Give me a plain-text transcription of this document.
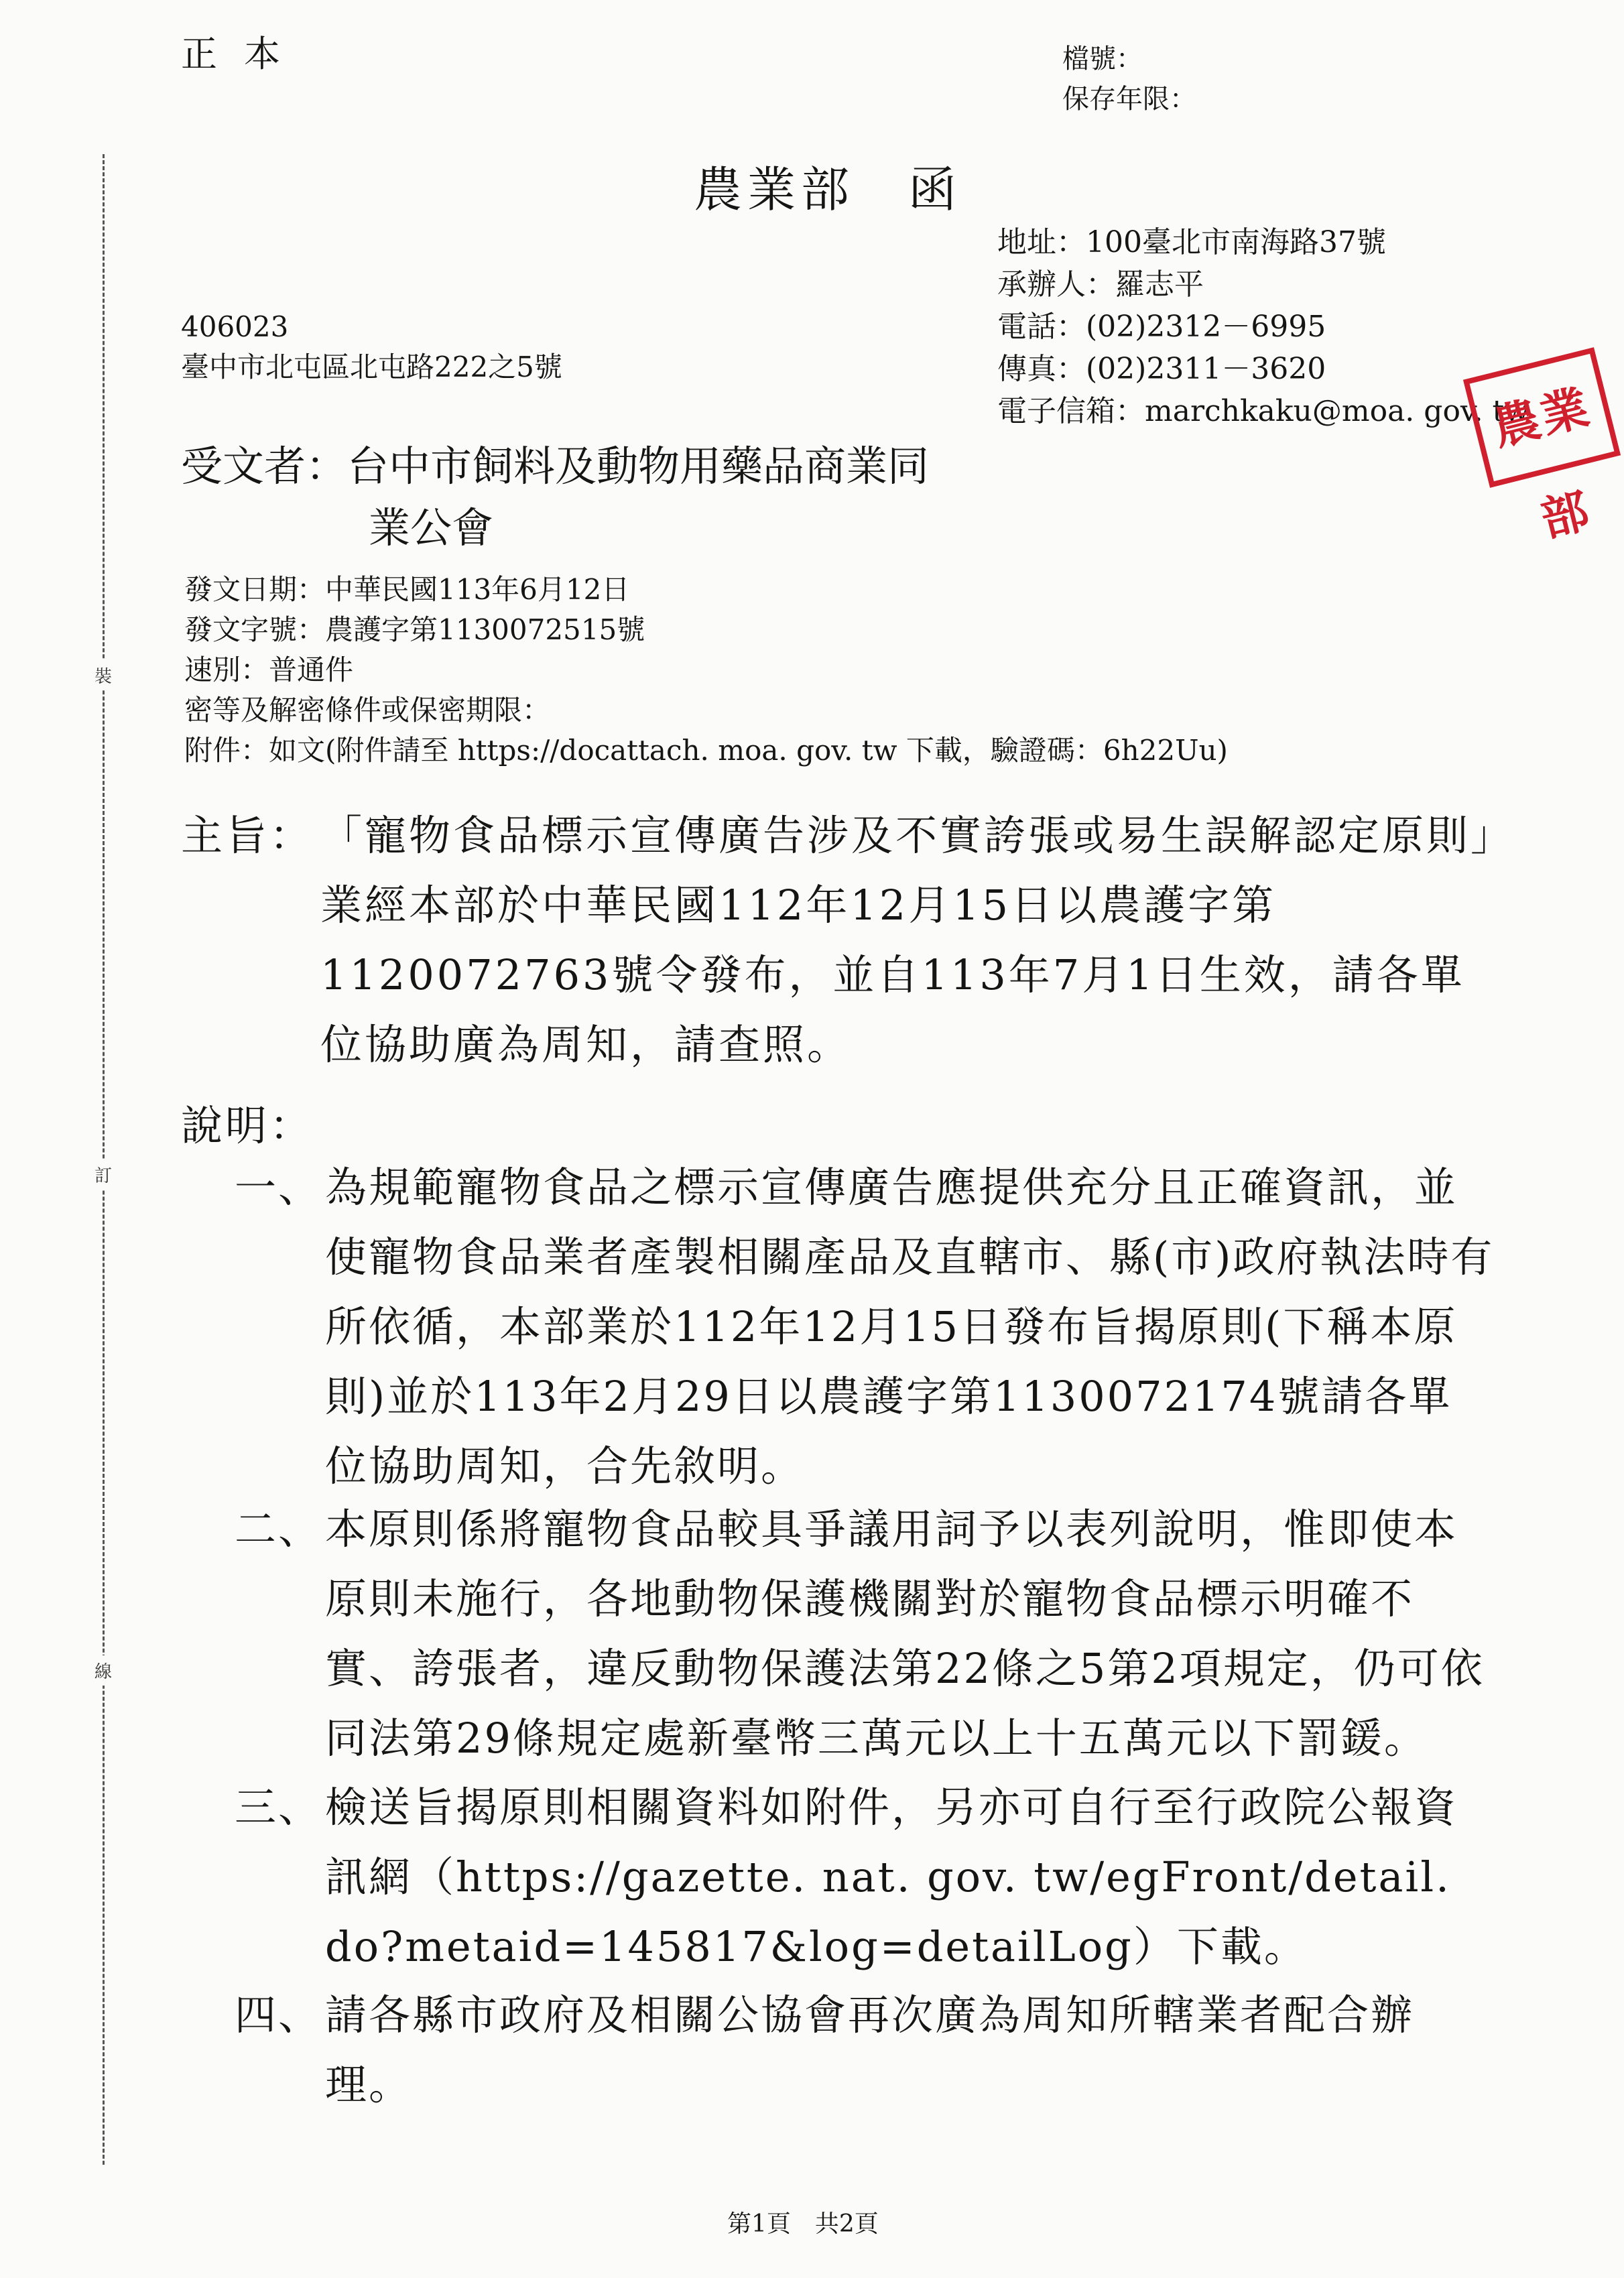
正本	檔號：
保存年限：
農業部　函
地址：100臺北市南海路37號
承辦人：羅志平
電話：(02)2312－6995
傳真：(02)2311－3620
電子信箱：marchkaku@moa. gov. tw
農業部
406023
臺中市北屯區北屯路222之5號
受文者：台中市飼料及動物用藥品商業同
業公會
發文日期：中華民國113年6月12日
發文字號：農護字第1130072515號
速別：普通件
密等及解密條件或保密期限：
附件：如文(附件請至 https://docattach. moa. gov. tw 下載，驗證碼：6h22Uu)
主旨： 「寵物食品標示宣傳廣告涉及不實誇張或易生誤解認定原則」業經本部於中華民國112年12月15日以農護字第1120072763號令發布，並自113年7月1日生效，請各單位協助廣為周知，請查照。
說明：
一、 為規範寵物食品之標示宣傳廣告應提供充分且正確資訊，並使寵物食品業者產製相關產品及直轄市、縣(市)政府執法時有所依循，本部業於112年12月15日發布旨揭原則(下稱本原則)並於113年2月29日以農護字第1130072174號請各單位協助周知，合先敘明。
二、 本原則係將寵物食品較具爭議用詞予以表列說明，惟即使本原則未施行，各地動物保護機關對於寵物食品標示明確不實、誇張者，違反動物保護法第22條之5第2項規定，仍可依同法第29條規定處新臺幣三萬元以上十五萬元以下罰鍰。
三、 檢送旨揭原則相關資料如附件，另亦可自行至行政院公報資訊網（https://gazette. nat. gov. tw/egFront/detail. do?metaid=145817&log=detailLog）下載。
四、 請各縣市政府及相關公協會再次廣為周知所轄業者配合辦理。
裝
訂
線
第1頁　共2頁
